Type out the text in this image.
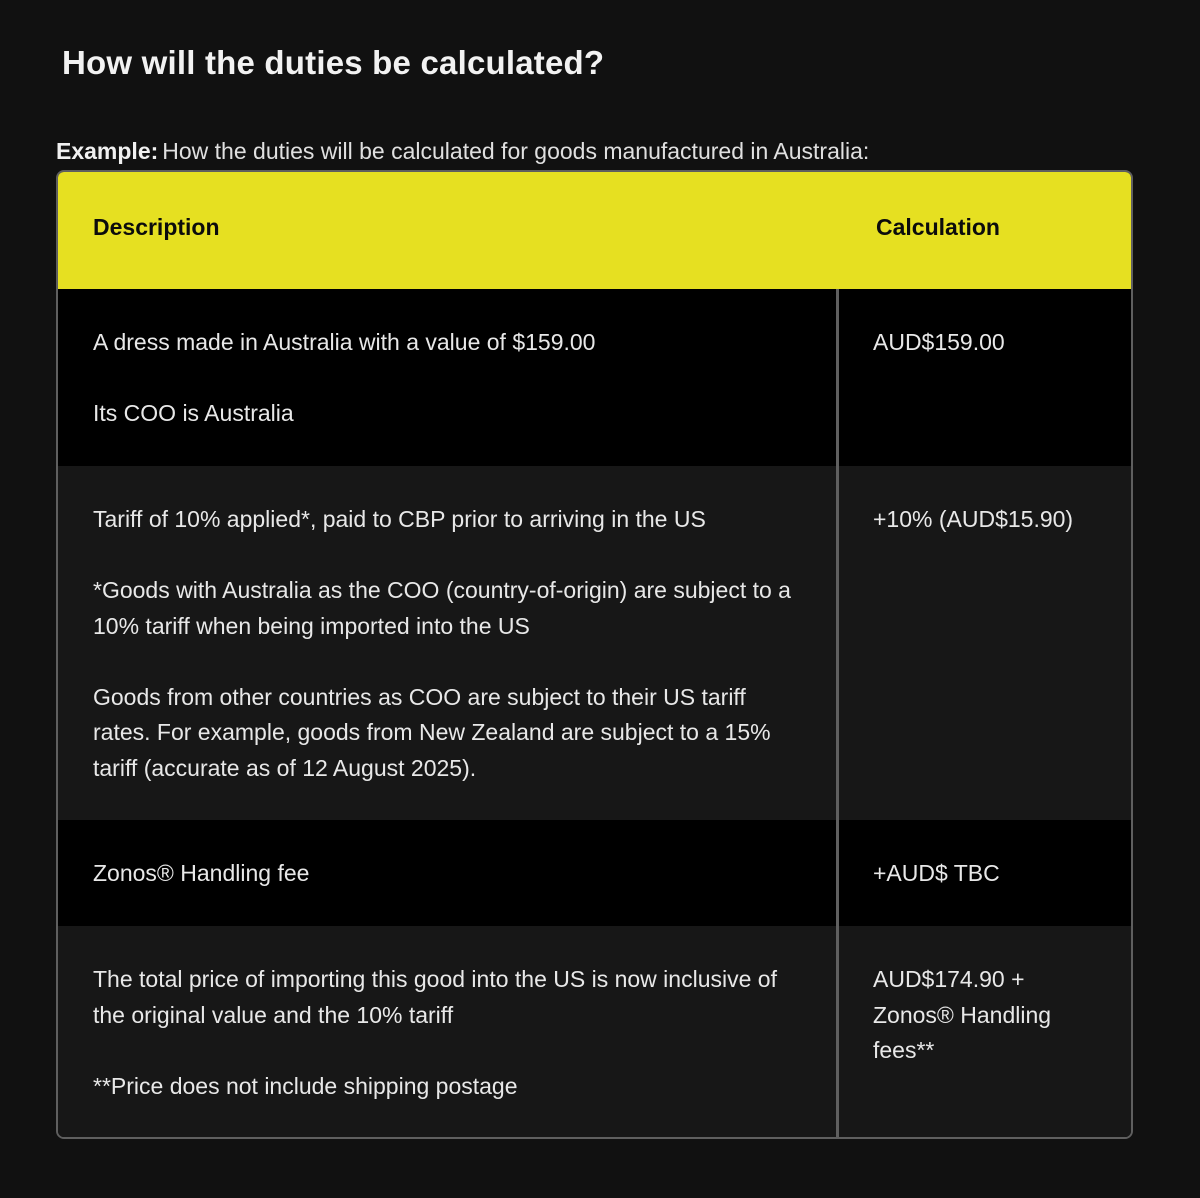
How will the duties be calculated?
Example: How the duties will be calculated for goods manufactured in Australia:
Description	Calculation

A dress made in Australia with a value of $159.00

Its COO is Australia

AUD$159.00

Tariff of 10% applied*, paid to CBP prior to arriving in the US

*Goods with Australia as the COO (country-of-origin) are subject to a 10% tariff when being imported into the US

Goods from other countries as COO are subject to their US tariff rates. For example, goods from New Zealand are subject to a 15% tariff (accurate as of 12 August 2025).

+10% (AUD$15.90)

Zonos® Handling fee	+AUD$ TBC

The total price of importing this good into the US is now inclusive of the original value and the 10% tariff

**Price does not include shipping postage

AUD$174.90 + Zonos® Handling fees**
